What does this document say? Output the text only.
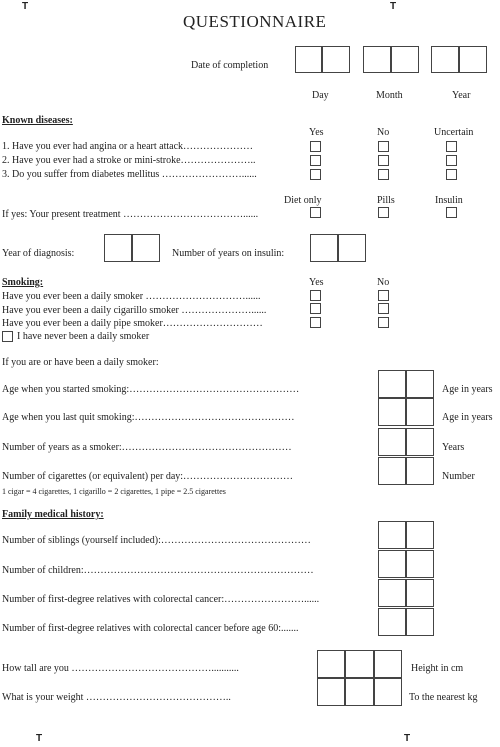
T	T
T	T
QUESTIONNAIRE
Date of completion
Day	Month	Year
Known diseases:
Yes	No	Uncertain
1. Have you ever had angina or a heart attack…………………
2. Have you ever had a stroke or mini-stroke…………………..
3. Do you suffer from diabetes mellitus ……………………......
Diet only	Pills	Insulin
If yes: Your present treatment ………………………………......
Year of diagnosis:	Number of years on insulin:
Smoking:	Yes	No
Have you ever been a daily smoker …………………………......
Have you ever been a daily cigarillo smoker …………………......
Have you ever been a daily pipe smoker…………………………
I have never been a daily smoker
If you are or have been a daily smoker:
Age when you started smoking:……………………………………………	Age in years
Age when you last quit smoking:…………………………………………	Age in years
Number of years as a smoker:……………………………………………	Years
Number of cigarettes (or equivalent) per day:……………………………	Number
1 cigar = 4 cigarettes, 1 cigarillo = 2 cigarettes, 1 pipe = 2.5 cigarettes
Family medical history:
Number of siblings (yourself included):………………………………………
Number of children:……………………………………………………………
Number of first-degree relatives with colorectal cancer:……………………......
Number of first-degree relatives with colorectal cancer before age 60:.......
How tall are you ……………………………………...........	Height in cm
What is your weight ……………………………………..	To the nearest kg
